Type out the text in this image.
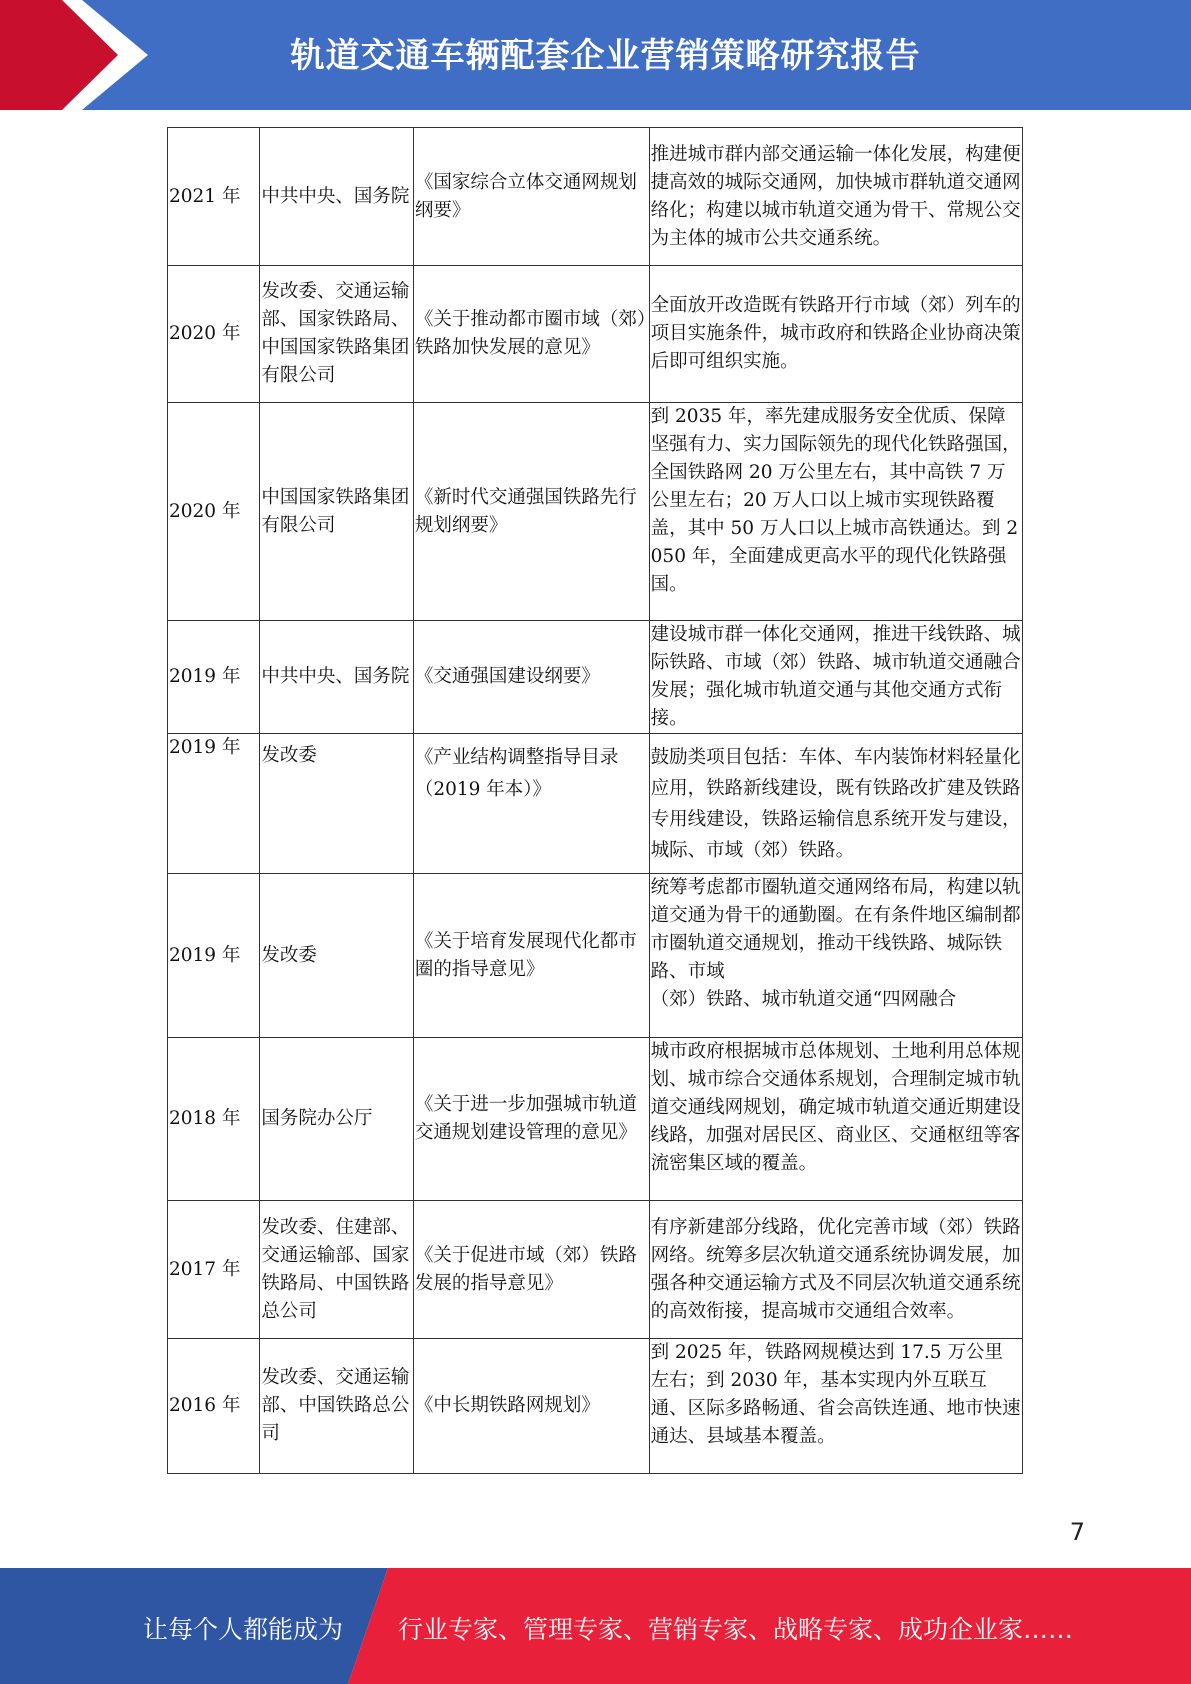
轨道交通车辆配套企业营销策略研究报告
2021 年	中共中央、国务院	《国家综合立体交通网规划纲要》	推进城市群内部交通运输一体化发展，构建便捷高效的城际交通网，加快城市群轨道交通网络化；构建以城市轨道交通为骨干、常规公交为主体的城市公共交通系统。
2020 年	发改委、交通运输部、国家铁路局、中国国家铁路集团有限公司	《关于推动都市圈市域（郊）铁路加快发展的意见》	全面放开改造既有铁路开行市域（郊）列车的项目实施条件，城市政府和铁路企业协商决策后即可组织实施。
2020 年	中国国家铁路集团有限公司	《新时代交通强国铁路先行规划纲要》	到 2035 年，率先建成服务安全优质、保障坚强有力、实力国际领先的现代化铁路强国，全国铁路网 20 万公里左右，其中高铁 7 万公里左右；20 万人口以上城市实现铁路覆盖，其中 50 万人口以上城市高铁通达。到 2050 年，全面建成更高水平的现代化铁路强国。
2019 年	中共中央、国务院	《交通强国建设纲要》	建设城市群一体化交通网，推进干线铁路、城际铁路、市域（郊）铁路、城市轨道交通融合发展；强化城市轨道交通与其他交通方式衔接。
2019 年	发改委	《产业结构调整指导目录（2019 年本）》	鼓励类项目包括：车体、车内装饰材料轻量化应用，铁路新线建设，既有铁路改扩建及铁路专用线建设，铁路运输信息系统开发与建设，城际、市域（郊）铁路。
2019 年	发改委	《关于培育发展现代化都市圈的指导意见》	统筹考虑都市圈轨道交通网络布局，构建以轨道交通为骨干的通勤圈。在有条件地区编制都市圈轨道交通规划，推动干线铁路、城际铁路、市域
（郊）铁路、城市轨道交通“四网融合
2018 年	国务院办公厅	《关于进一步加强城市轨道交通规划建设管理的意见》	城市政府根据城市总体规划、土地利用总体规划、城市综合交通体系规划，合理制定城市轨道交通线网规划，确定城市轨道交通近期建设线路，加强对居民区、商业区、交通枢纽等客流密集区域的覆盖。
2017 年	发改委、住建部、交通运输部、国家铁路局、中国铁路总公司	《关于促进市域（郊）铁路发展的指导意见》	有序新建部分线路，优化完善市域（郊）铁路网络。统筹多层次轨道交通系统协调发展，加强各种交通运输方式及不同层次轨道交通系统的高效衔接，提高城市交通组合效率。
2016 年	发改委、交通运输部、中国铁路总公司	《中长期铁路网规划》	到 2025 年，铁路网规模达到 17.5 万公里左右；到 2030 年，基本实现内外互联互通、区际多路畅通、省会高铁连通、地市快速通达、县域基本覆盖。
7
让每个人都能成为 行业专家、管理专家、营销专家、战略专家、成功企业家……
